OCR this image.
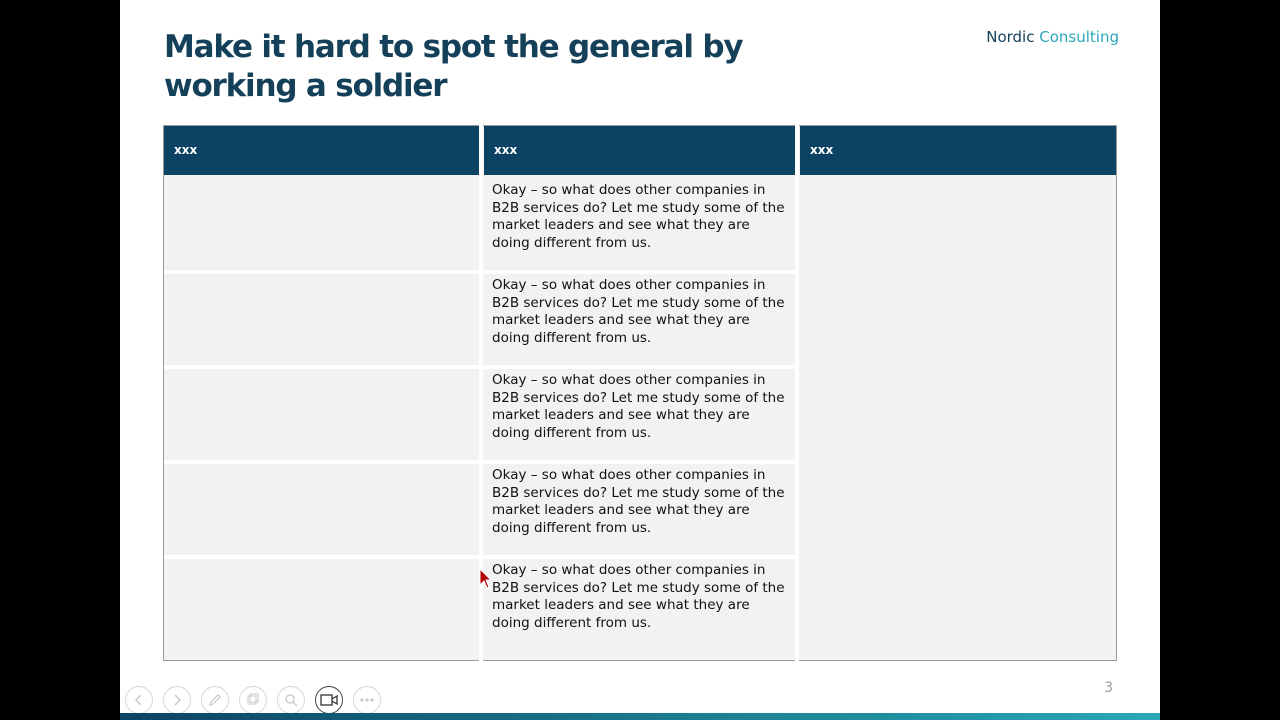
Make it hard to spot the general by
working a soldier
Nordic Consulting
xxx	xxx
Okay – so what does other companies in B2B services do? Let me study some of the market leaders and see what they are doing different from us.
Okay – so what does other companies in B2B services do? Let me study some of the market leaders and see what they are doing different from us.
Okay – so what does other companies in B2B services do? Let me study some of the market leaders and see what they are doing different from us.
Okay – so what does other companies in B2B services do? Let me study some of the market leaders and see what they are doing different from us.
Okay – so what does other companies in B2B services do? Let me study some of the market leaders and see what they are doing different from us.
xxx
3
